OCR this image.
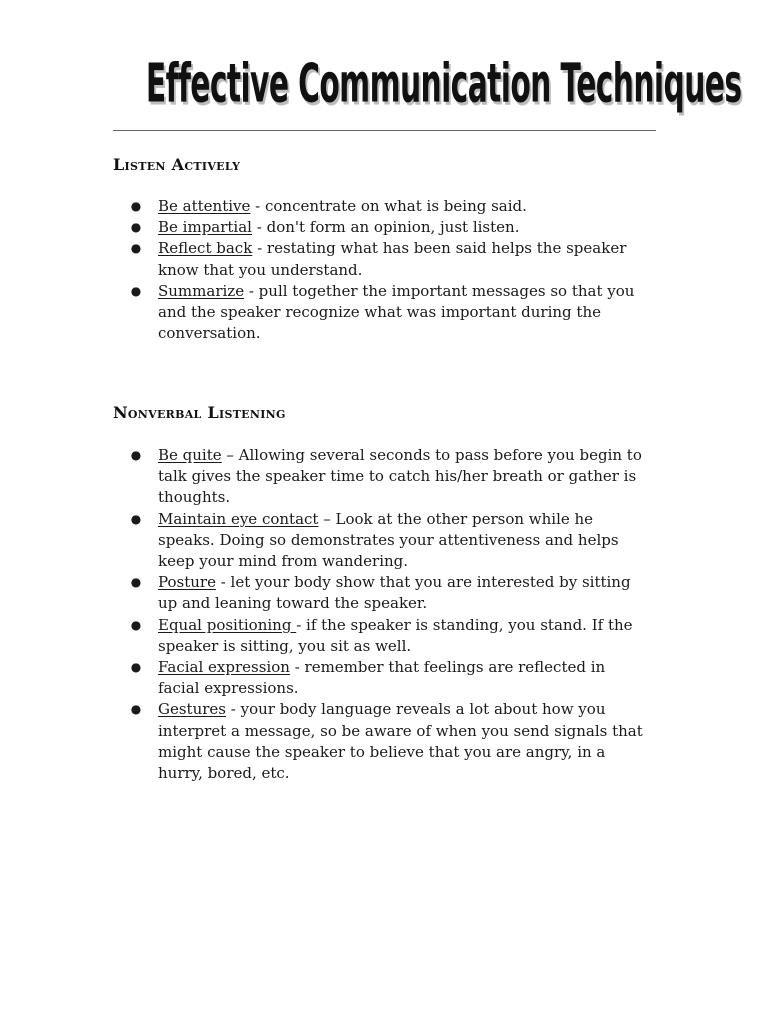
Effective Communication Techniques
Listen Actively
● Be attentive - concentrate on what is being said.
● Be impartial - don't form an opinion, just listen.
● Reflect back - restating what has been said helps the speaker know that you understand.
● Summarize - pull together the important messages so that you and the speaker recognize what was important during the conversation.
Nonverbal Listening
● Be quite – Allowing several seconds to pass before you begin to talk gives the speaker time to catch his/her breath or gather is thoughts.
● Maintain eye contact – Look at the other person while he speaks. Doing so demonstrates your attentiveness and helps keep your mind from wandering.
● Posture - let your body show that you are interested by sitting up and leaning toward the speaker.
● Equal positioning - if the speaker is standing, you stand. If the speaker is sitting, you sit as well.
● Facial expression - remember that feelings are reflected in facial expressions.
● Gestures - your body language reveals a lot about how you interpret a message, so be aware of when you send signals that might cause the speaker to believe that you are angry, in a hurry, bored, etc.
